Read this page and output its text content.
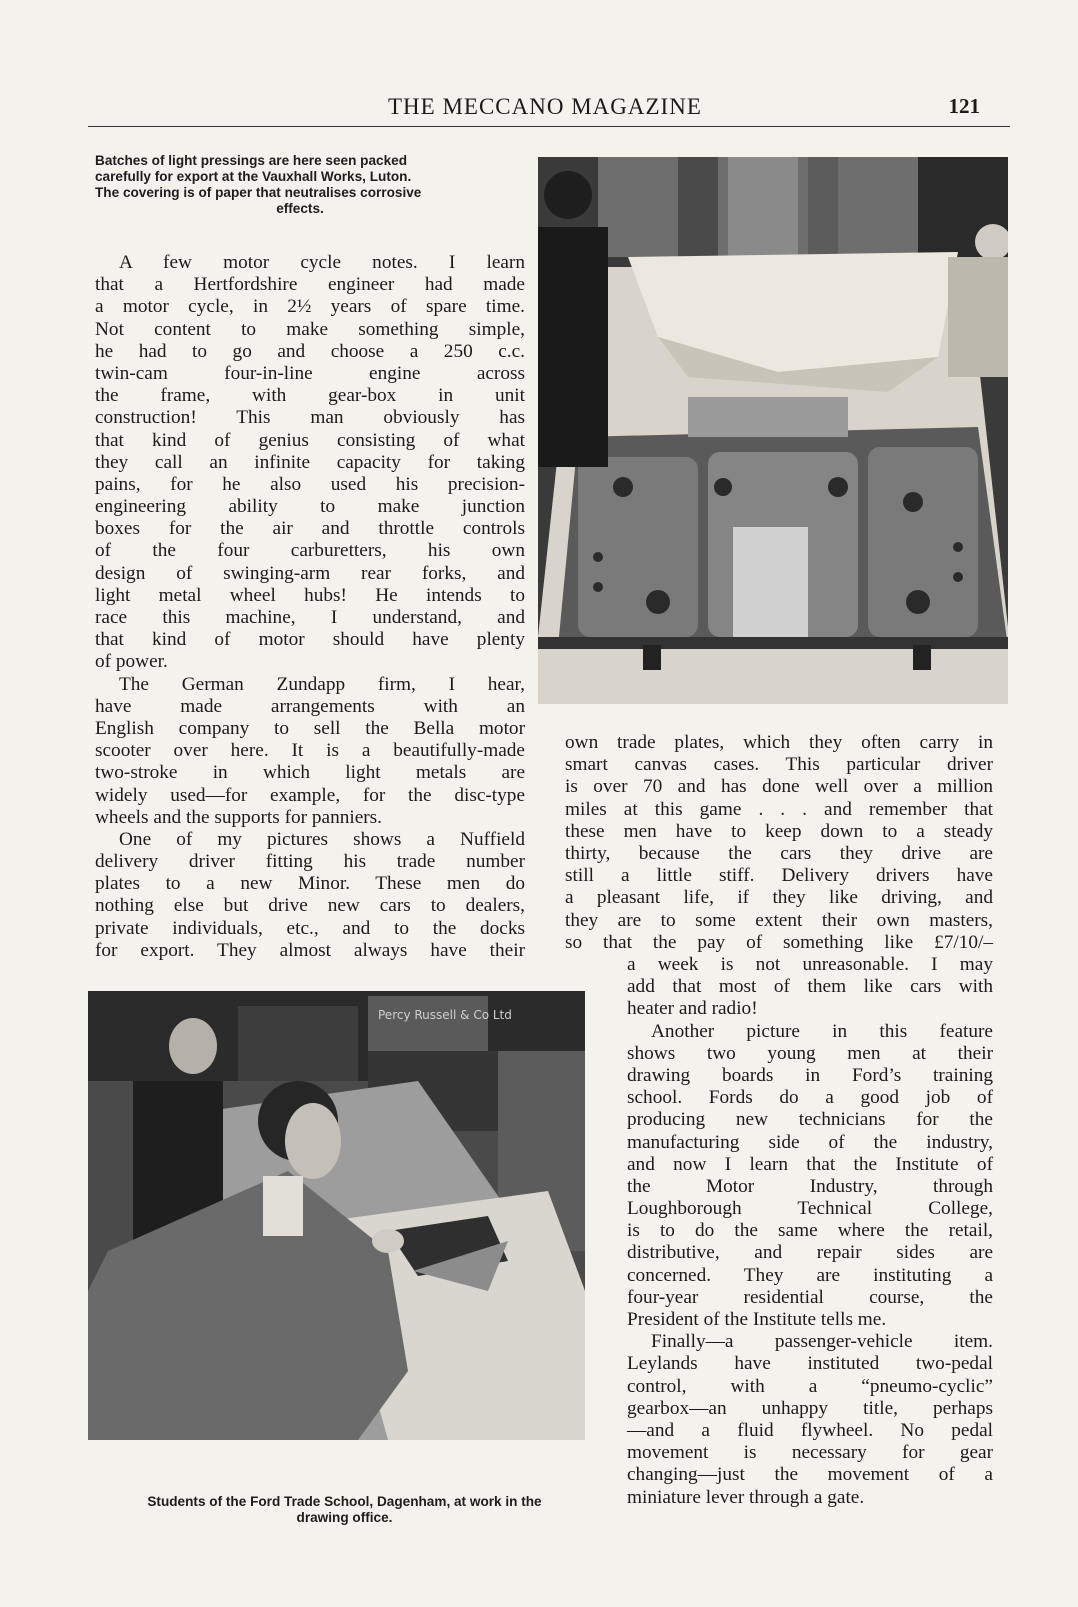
THE MECCANO MAGAZINE	121
Batches of light pressings are here seen packed
carefully for export at the Vauxhall Works, Luton.
The covering is of paper that neutralises corrosive
effects.
A few motor cycle notes. I learn
that a Hertfordshire engineer had made
a motor cycle, in 2½ years of spare time.
Not content to make something simple,
he had to go and choose a 250 c.c.
twin-cam four-in-line engine across
the frame, with gear-box in unit
construction! This man obviously has
that kind of genius consisting of what
they call an infinite capacity for taking
pains, for he also used his precision-
engineering ability to make junction
boxes for the air and throttle controls
of the four carburetters, his own
design of swinging-arm rear forks, and
light metal wheel hubs! He intends to
race this machine, I understand, and
that kind of motor should have plenty
of power.
The German Zundapp firm, I hear,
have made arrangements with an
English company to sell the Bella motor
scooter over here. It is a beautifully-made
two-stroke in which light metals are
widely used—for example, for the disc-type
wheels and the supports for panniers.
One of my pictures shows a Nuffield
delivery driver fitting his trade number
plates to a new Minor. These men do
nothing else but drive new cars to dealers,
private individuals, etc., and to the docks
for export. They almost always have their
own trade plates, which they often carry in
smart canvas cases. This particular driver
is over 70 and has done well over a million
miles at this game . . . and remember that
these men have to keep down to a steady
thirty, because the cars they drive are
still a little stiff. Delivery drivers have
a pleasant life, if they like driving, and
they are to some extent their own masters,
so that the pay of something like £7/10/–
a week is not unreasonable. I may
add that most of them like cars with
heater and radio!
Another picture in this feature
shows two young men at their
drawing boards in Ford’s training
school. Fords do a good job of
producing new technicians for the
manufacturing side of the industry,
and now I learn that the Institute of
the Motor Industry, through
Loughborough Technical College,
is to do the same where the retail,
distributive, and repair sides are
concerned. They are instituting a
four-year residential course, the
President of the Institute tells me.
Finally—a passenger-vehicle item.
Leylands have instituted two-pedal
control, with a “pneumo-cyclic”
gearbox—an unhappy title, perhaps
—and a fluid flywheel. No pedal
movement is necessary for gear
changing—just the movement of a
miniature lever through a gate.
Percy Russell & Co Ltd
Students of the Ford Trade School, Dagenham, at work in the
drawing office.
